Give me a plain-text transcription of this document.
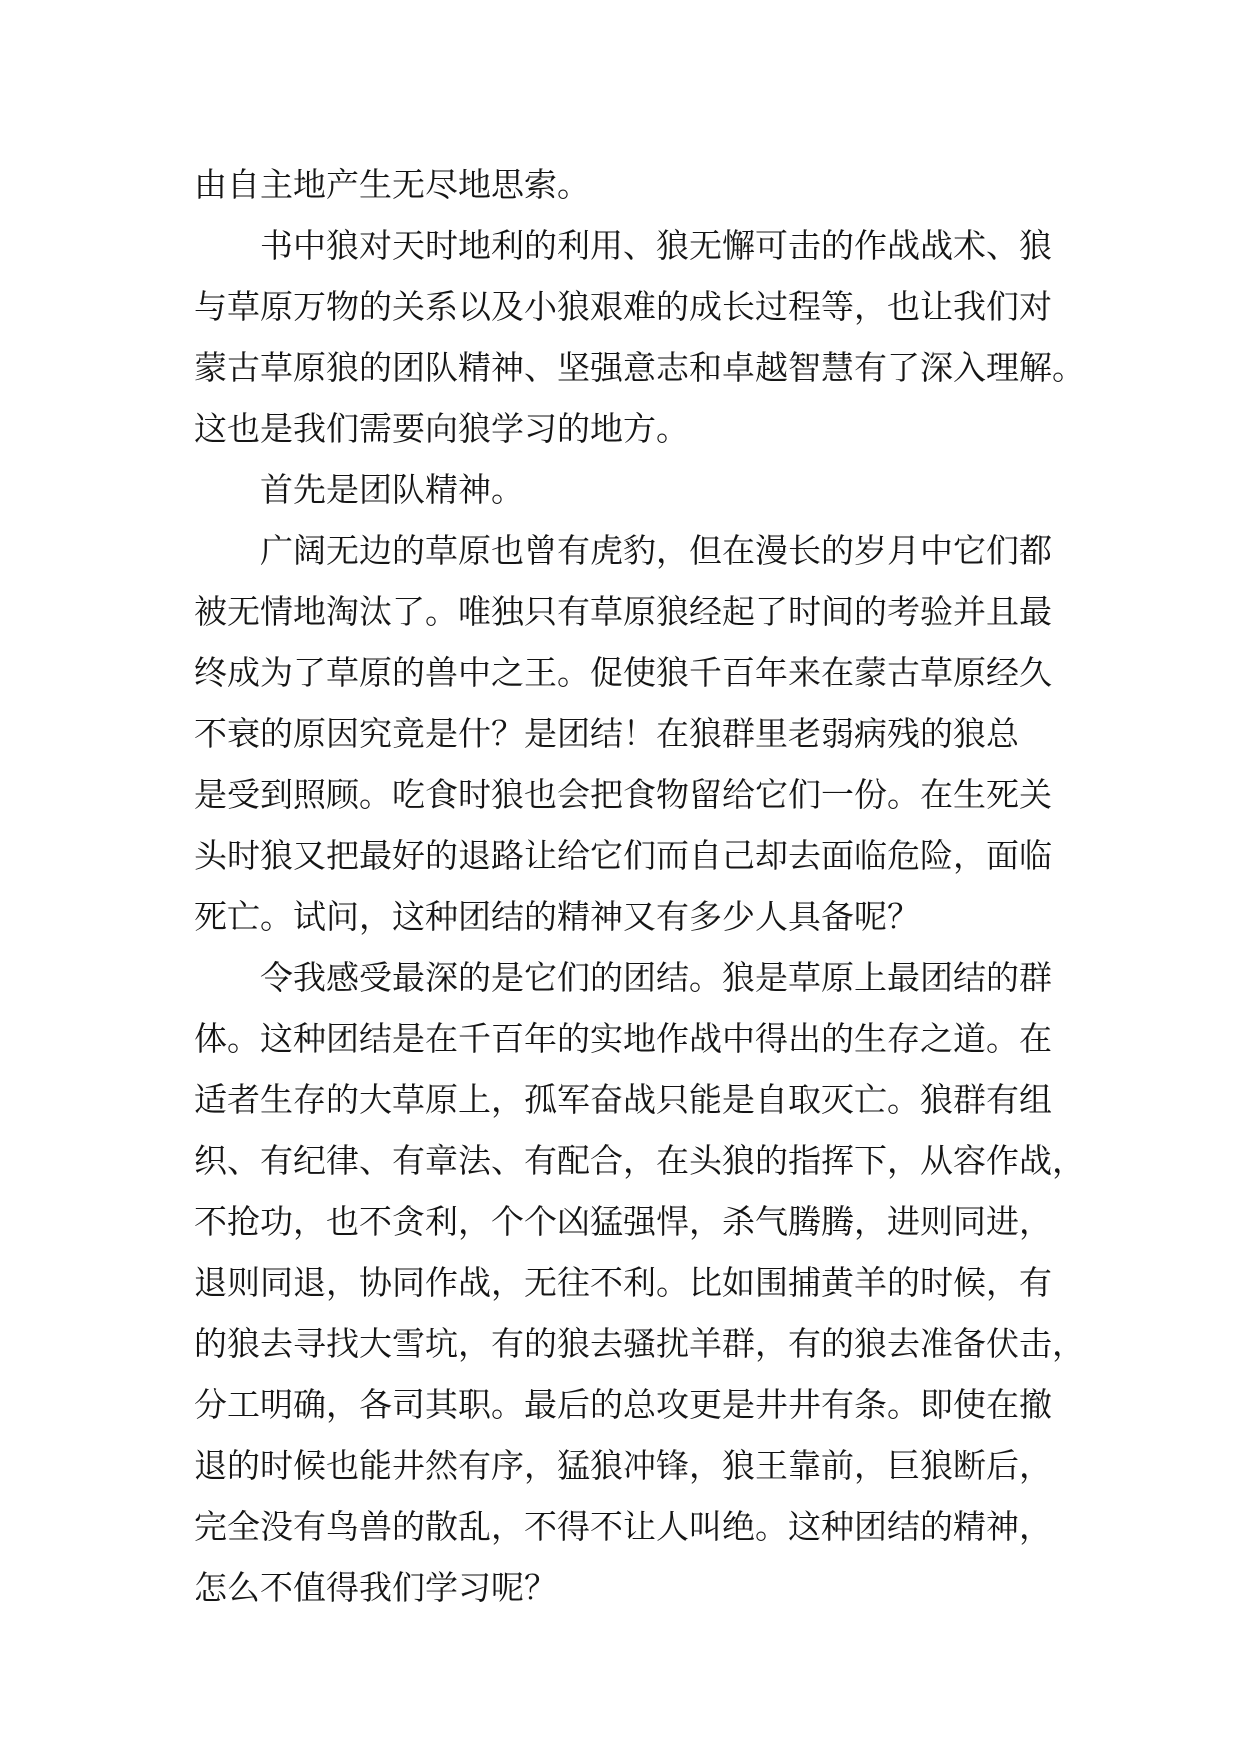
由自主地产生无尽地思索。
书中狼对天时地利的利用、狼无懈可击的作战战术、狼
与草原万物的关系以及小狼艰难的成长过程等，也让我们对
蒙古草原狼的团队精神、坚强意志和卓越智慧有了深入理解。
这也是我们需要向狼学习的地方。
首先是团队精神。
广阔无边的草原也曾有虎豹，但在漫长的岁月中它们都
被无情地淘汰了。唯独只有草原狼经起了时间的考验并且最
终成为了草原的兽中之王。促使狼千百年来在蒙古草原经久
不衰的原因究竟是什？是团结！在狼群里老弱病残的狼总
是受到照顾。吃食时狼也会把食物留给它们一份。在生死关
头时狼又把最好的退路让给它们而自己却去面临危险，面临
死亡。试问，这种团结的精神又有多少人具备呢？
令我感受最深的是它们的团结。狼是草原上最团结的群
体。这种团结是在千百年的实地作战中得出的生存之道。在
适者生存的大草原上，孤军奋战只能是自取灭亡。狼群有组
织、有纪律、有章法、有配合，在头狼的指挥下，从容作战，
不抢功，也不贪利，个个凶猛强悍，杀气腾腾，进则同进，
退则同退，协同作战，无往不利。比如围捕黄羊的时候，有
的狼去寻找大雪坑，有的狼去骚扰羊群，有的狼去准备伏击，
分工明确，各司其职。最后的总攻更是井井有条。即使在撤
退的时候也能井然有序，猛狼冲锋，狼王靠前，巨狼断后，
完全没有鸟兽的散乱，不得不让人叫绝。这种团结的精神，
怎么不值得我们学习呢？
